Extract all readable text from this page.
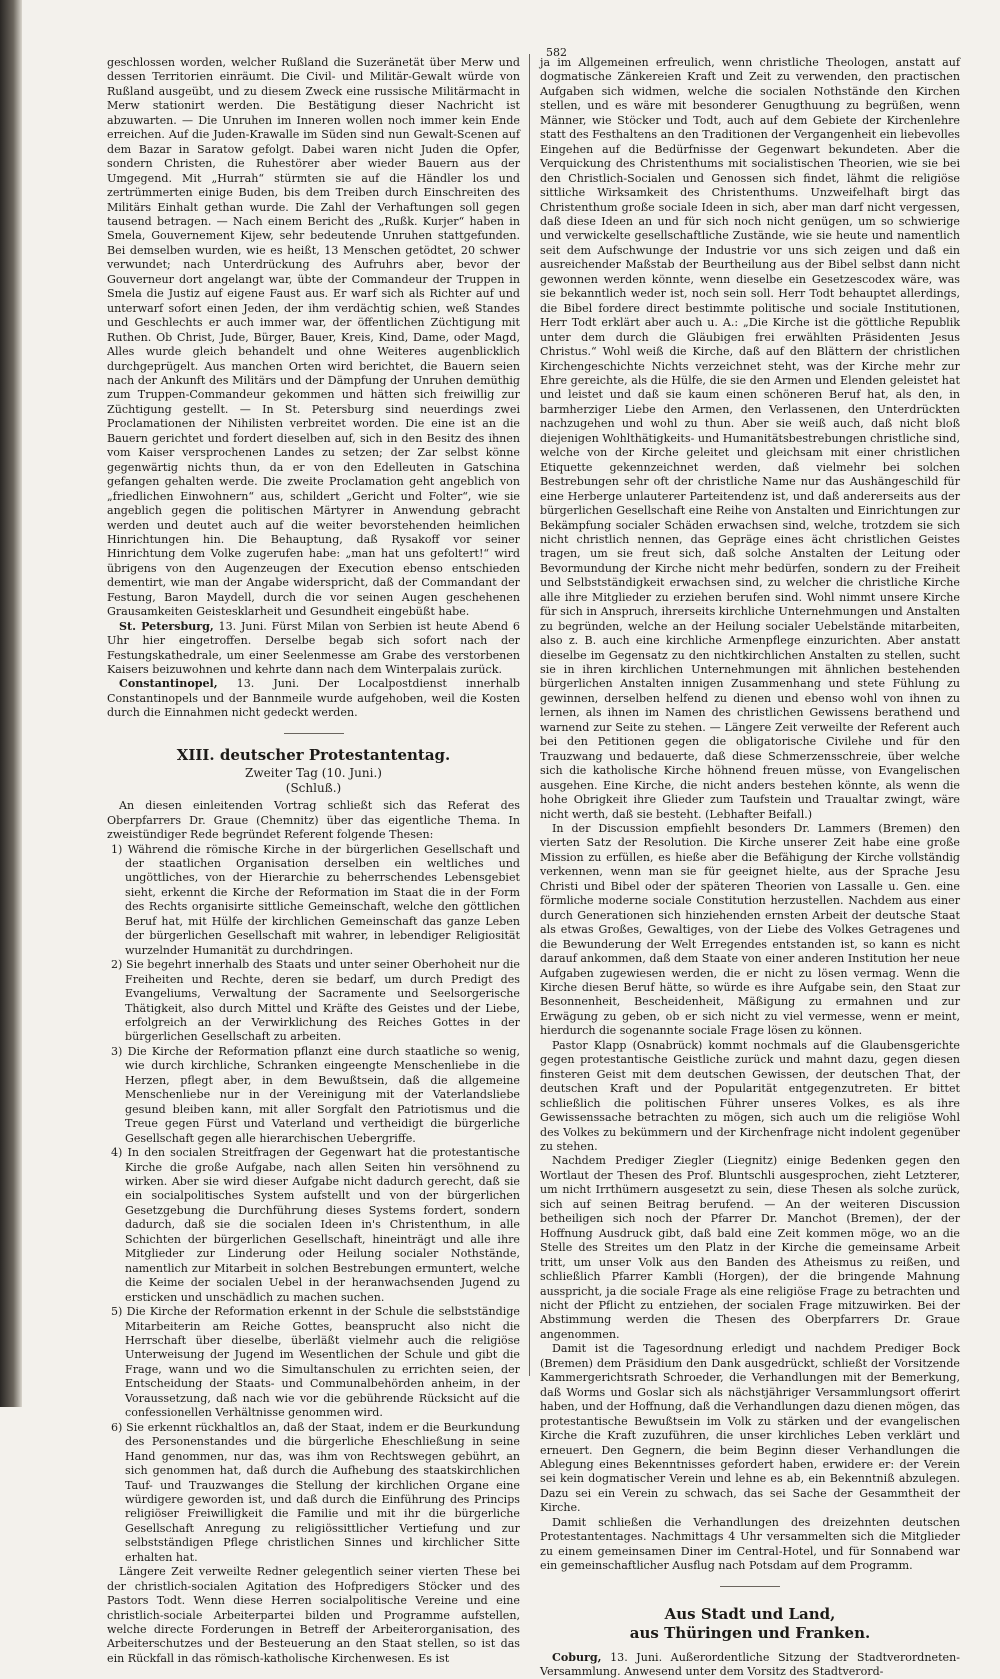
582

geschlossen worden, welcher Rußland die Suzeränetät über Merw und dessen Territorien einräumt. Die Civil- und Militär-Gewalt würde von Rußland ausgeübt, und zu diesem Zweck eine russische Militärmacht in Merw stationirt werden. Die Bestätigung dieser Nachricht ist abzuwarten. — Die Unruhen im Inneren wollen noch immer kein Ende erreichen. Auf die Juden-Krawalle im Süden sind nun Gewalt-Scenen auf dem Bazar in Saratow gefolgt. Dabei waren nicht Juden die Opfer, sondern Christen, die Ruhestörer aber wieder Bauern aus der Umgegend. Mit „Hurrah“ stürmten sie auf die Händler los und zertrümmerten einige Buden, bis dem Treiben durch Einschreiten des Militärs Einhalt gethan wurde. Die Zahl der Verhaftungen soll gegen tausend betragen. — Nach einem Bericht des „Rußk. Kurjer“ haben in Smela, Gouvernement Kijew, sehr bedeutende Unruhen stattgefunden. Bei demselben wurden, wie es heißt, 13 Menschen getödtet, 20 schwer verwundet; nach Unterdrückung des Aufruhrs aber, bevor der Gouverneur dort angelangt war, übte der Commandeur der Truppen in Smela die Justiz auf eigene Faust aus. Er warf sich als Richter auf und unterwarf sofort einen Jeden, der ihm verdächtig schien, weß Standes und Geschlechts er auch immer war, der öffentlichen Züchtigung mit Ruthen. Ob Christ, Jude, Bürger, Bauer, Kreis, Kind, Dame, oder Magd, Alles wurde gleich behandelt und ohne Weiteres augenblicklich durchgeprügelt. Aus manchen Orten wird berichtet, die Bauern seien nach der Ankunft des Militärs und der Dämpfung der Unruhen demüthig zum Truppen-Commandeur gekommen und hätten sich freiwillig zur Züchtigung gestellt. — In St. Petersburg sind neuerdings zwei Proclamationen der Nihilisten verbreitet worden. Die eine ist an die Bauern gerichtet und fordert dieselben auf, sich in den Besitz des ihnen vom Kaiser versprochenen Landes zu setzen; der Zar selbst könne gegenwärtig nichts thun, da er von den Edelleuten in Gatschina gefangen gehalten werde. Die zweite Proclamation geht angeblich von „friedlichen Einwohnern“ aus, schildert „Gericht und Folter“, wie sie angeblich gegen die politischen Märtyrer in Anwendung gebracht werden und deutet auch auf die weiter bevorstehenden heimlichen Hinrichtungen hin. Die Behauptung, daß Rysakoff vor seiner Hinrichtung dem Volke zugerufen habe: „man hat uns gefoltert!“ wird übrigens von den Augenzeugen der Execution ebenso entschieden dementirt, wie man der Angabe widerspricht, daß der Commandant der Festung, Baron Maydell, durch die vor seinen Augen geschehenen Grausamkeiten Geistesklarheit und Gesundheit eingebüßt habe.

St. Petersburg, 13. Juni. Fürst Milan von Serbien ist heute Abend 6 Uhr hier eingetroffen. Derselbe begab sich sofort nach der Festungskathedrale, um einer Seelenmesse am Grabe des verstorbenen Kaisers beizuwohnen und kehrte dann nach dem Winterpalais zurück.

Constantinopel, 13. Juni. Der Localpostdienst innerhalb Constantinopels und der Bannmeile wurde aufgehoben, weil die Kosten durch die Einnahmen nicht gedeckt werden.

XIII. deutscher Protestantentag.

Zweiter Tag (10. Juni.)

(Schluß.)

An diesen einleitenden Vortrag schließt sich das Referat des Oberpfarrers Dr. Graue (Chemnitz) über das eigentliche Thema. In zweistündiger Rede begründet Referent folgende Thesen:

1) Während die römische Kirche in der bürgerlichen Gesellschaft und der staatlichen Organisation derselben ein weltliches und ungöttliches, von der Hierarchie zu beherrschendes Lebensgebiet sieht, erkennt die Kirche der Reformation im Staat die in der Form des Rechts organisirte sittliche Gemeinschaft, welche den göttlichen Beruf hat, mit Hülfe der kirchlichen Gemeinschaft das ganze Leben der bürgerlichen Gesellschaft mit wahrer, in lebendiger Religiosität wurzelnder Humanität zu durchdringen.

2) Sie begehrt innerhalb des Staats und unter seiner Oberhoheit nur die Freiheiten und Rechte, deren sie bedarf, um durch Predigt des Evangeliums, Verwaltung der Sacramente und Seelsorgerische Thätigkeit, also durch Mittel und Kräfte des Geistes und der Liebe, erfolgreich an der Verwirklichung des Reiches Gottes in der bürgerlichen Gesellschaft zu arbeiten.

3) Die Kirche der Reformation pflanzt eine durch staatliche so wenig, wie durch kirchliche, Schranken eingeengte Menschenliebe in die Herzen, pflegt aber, in dem Bewußtsein, daß die allgemeine Menschenliebe nur in der Vereinigung mit der Vaterlandsliebe gesund bleiben kann, mit aller Sorgfalt den Patriotismus und die Treue gegen Fürst und Vaterland und vertheidigt die bürgerliche Gesellschaft gegen alle hierarchischen Uebergriffe.

4) In den socialen Streitfragen der Gegenwart hat die protestantische Kirche die große Aufgabe, nach allen Seiten hin versöhnend zu wirken. Aber sie wird dieser Aufgabe nicht dadurch gerecht, daß sie ein socialpolitisches System aufstellt und von der bürgerlichen Gesetzgebung die Durchführung dieses Systems fordert, sondern dadurch, daß sie die socialen Ideen in's Christenthum, in alle Schichten der bürgerlichen Gesellschaft, hineinträgt und alle ihre Mitglieder zur Linderung oder Heilung socialer Nothstände, namentlich zur Mitarbeit in solchen Bestrebungen ermuntert, welche die Keime der socialen Uebel in der heranwachsenden Jugend zu ersticken und unschädlich zu machen suchen.

5) Die Kirche der Reformation erkennt in der Schule die selbstständige Mitarbeiterin am Reiche Gottes, beansprucht also nicht die Herrschaft über dieselbe, überläßt vielmehr auch die religiöse Unterweisung der Jugend im Wesentlichen der Schule und gibt die Frage, wann und wo die Simultanschulen zu errichten seien, der Entscheidung der Staats- und Communalbehörden anheim, in der Voraussetzung, daß nach wie vor die gebührende Rücksicht auf die confessionellen Verhältnisse genommen wird.

6) Sie erkennt rückhaltlos an, daß der Staat, indem er die Beurkundung des Personenstandes und die bürgerliche Eheschließung in seine Hand genommen, nur das, was ihm von Rechtswegen gebührt, an sich genommen hat, daß durch die Aufhebung des staatskirchlichen Tauf- und Trauzwanges die Stellung der kirchlichen Organe eine würdigere geworden ist, und daß durch die Einführung des Princips religiöser Freiwilligkeit die Familie und mit ihr die bürgerliche Gesellschaft Anregung zu religiössittlicher Vertiefung und zur selbstständigen Pflege christlichen Sinnes und kirchlicher Sitte erhalten hat.

Längere Zeit verweilte Redner gelegentlich seiner vierten These bei der christlich-socialen Agitation des Hofpredigers Stöcker und des Pastors Todt. Wenn diese Herren socialpolitische Vereine und eine christlich-sociale Arbeiterpartei bilden und Programme aufstellen, welche directe Forderungen in Betreff der Arbeiterorganisation, des Arbeiterschutzes und der Besteuerung an den Staat stellen, so ist das ein Rückfall in das römisch-katholische Kirchenwesen. Es ist

ja im Allgemeinen erfreulich, wenn christliche Theologen, anstatt auf dogmatische Zänkereien Kraft und Zeit zu verwenden, den practischen Aufgaben sich widmen, welche die socialen Nothstände den Kirchen stellen, und es wäre mit besonderer Genugthuung zu begrüßen, wenn Männer, wie Stöcker und Todt, auch auf dem Gebiete der Kirchenlehre statt des Festhaltens an den Traditionen der Vergangenheit ein liebevolles Eingehen auf die Bedürfnisse der Gegenwart bekundeten. Aber die Verquickung des Christenthums mit socialistischen Theorien, wie sie bei den Christlich-Socialen und Genossen sich findet, lähmt die religiöse sittliche Wirksamkeit des Christenthums. Unzweifelhaft birgt das Christenthum große sociale Ideen in sich, aber man darf nicht vergessen, daß diese Ideen an und für sich noch nicht genügen, um so schwierige und verwickelte gesellschaftliche Zustände, wie sie heute und namentlich seit dem Aufschwunge der Industrie vor uns sich zeigen und daß ein ausreichender Maßstab der Beurtheilung aus der Bibel selbst dann nicht gewonnen werden könnte, wenn dieselbe ein Gesetzescodex wäre, was sie bekanntlich weder ist, noch sein soll. Herr Todt behauptet allerdings, die Bibel fordere direct bestimmte politische und sociale Institutionen, Herr Todt erklärt aber auch u. A.: „Die Kirche ist die göttliche Republik unter dem durch die Gläubigen frei erwählten Präsidenten Jesus Christus.“ Wohl weiß die Kirche, daß auf den Blättern der christlichen Kirchengeschichte Nichts verzeichnet steht, was der Kirche mehr zur Ehre gereichte, als die Hülfe, die sie den Armen und Elenden geleistet hat und leistet und daß sie kaum einen schöneren Beruf hat, als den, in barmherziger Liebe den Armen, den Verlassenen, den Unterdrückten nachzugehen und wohl zu thun. Aber sie weiß auch, daß nicht bloß diejenigen Wohlthätigkeits- und Humanitätsbestrebungen christliche sind, welche von der Kirche geleitet und gleichsam mit einer christlichen Etiquette gekennzeichnet werden, daß vielmehr bei solchen Bestrebungen sehr oft der christliche Name nur das Aushängeschild für eine Herberge unlauterer Parteitendenz ist, und daß andererseits aus der bürgerlichen Gesellschaft eine Reihe von Anstalten und Einrichtungen zur Bekämpfung socialer Schäden erwachsen sind, welche, trotzdem sie sich nicht christlich nennen, das Gepräge eines ächt christlichen Geistes tragen, um sie freut sich, daß solche Anstalten der Leitung oder Bevormundung der Kirche nicht mehr bedürfen, sondern zu der Freiheit und Selbstständigkeit erwachsen sind, zu welcher die christliche Kirche alle ihre Mitglieder zu erziehen berufen sind. Wohl nimmt unsere Kirche für sich in Anspruch, ihrerseits kirchliche Unternehmungen und Anstalten zu begründen, welche an der Heilung socialer Uebelstände mitarbeiten, also z. B. auch eine kirchliche Armenpflege einzurichten. Aber anstatt dieselbe im Gegensatz zu den nichtkirchlichen Anstalten zu stellen, sucht sie in ihren kirchlichen Unternehmungen mit ähnlichen bestehenden bürgerlichen Anstalten innigen Zusammenhang und stete Fühlung zu gewinnen, derselben helfend zu dienen und ebenso wohl von ihnen zu lernen, als ihnen im Namen des christlichen Gewissens berathend und warnend zur Seite zu stehen. — Längere Zeit verweilte der Referent auch bei den Petitionen gegen die obligatorische Civilehe und für den Trauzwang und bedauerte, daß diese Schmerzensschreie, über welche sich die katholische Kirche höhnend freuen müsse, von Evangelischen ausgehen. Eine Kirche, die nicht anders bestehen könnte, als wenn die hohe Obrigkeit ihre Glieder zum Taufstein und Traualtar zwingt, wäre nicht werth, daß sie besteht. (Lebhafter Beifall.)

In der Discussion empfiehlt besonders Dr. Lammers (Bremen) den vierten Satz der Resolution. Die Kirche unserer Zeit habe eine große Mission zu erfüllen, es hieße aber die Befähigung der Kirche vollständig verkennen, wenn man sie für geeignet hielte, aus der Sprache Jesu Christi und Bibel oder der späteren Theorien von Lassalle u. Gen. eine förmliche moderne sociale Constitution herzustellen. Nachdem aus einer durch Generationen sich hinziehenden ernsten Arbeit der deutsche Staat als etwas Großes, Gewaltiges, von der Liebe des Volkes Getragenes und die Bewunderung der Welt Erregendes entstanden ist, so kann es nicht darauf ankommen, daß dem Staate von einer anderen Institution her neue Aufgaben zugewiesen werden, die er nicht zu lösen vermag. Wenn die Kirche diesen Beruf hätte, so würde es ihre Aufgabe sein, den Staat zur Besonnenheit, Bescheidenheit, Mäßigung zu ermahnen und zur Erwägung zu geben, ob er sich nicht zu viel vermesse, wenn er meint, hierdurch die sogenannte sociale Frage lösen zu können.

Pastor Klapp (Osnabrück) kommt nochmals auf die Glaubensgerichte gegen protestantische Geistliche zurück und mahnt dazu, gegen diesen finsteren Geist mit dem deutschen Gewissen, der deutschen That, der deutschen Kraft und der Popularität entgegenzutreten. Er bittet schließlich die politischen Führer unseres Volkes, es als ihre Gewissenssache betrachten zu mögen, sich auch um die religiöse Wohl des Volkes zu bekümmern und der Kirchenfrage nicht indolent gegenüber zu stehen.

Nachdem Prediger Ziegler (Liegnitz) einige Bedenken gegen den Wortlaut der Thesen des Prof. Bluntschli ausgesprochen, zieht Letzterer, um nicht Irrthümern ausgesetzt zu sein, diese Thesen als solche zurück, sich auf seinen Beitrag berufend. — An der weiteren Discussion betheiligen sich noch der Pfarrer Dr. Manchot (Bremen), der der Hoffnung Ausdruck gibt, daß bald eine Zeit kommen möge, wo an die Stelle des Streites um den Platz in der Kirche die gemeinsame Arbeit tritt, um unser Volk aus den Banden des Atheismus zu reißen, und schließlich Pfarrer Kambli (Horgen), der die bringende Mahnung ausspricht, ja die sociale Frage als eine religiöse Frage zu betrachten und nicht der Pflicht zu entziehen, der socialen Frage mitzuwirken. Bei der Abstimmung werden die Thesen des Oberpfarrers Dr. Graue angenommen.

Damit ist die Tagesordnung erledigt und nachdem Prediger Bock (Bremen) dem Präsidium den Dank ausgedrückt, schließt der Vorsitzende Kammergerichtsrath Schroeder, die Verhandlungen mit der Bemerkung, daß Worms und Goslar sich als nächstjähriger Versammlungsort offerirt haben, und der Hoffnung, daß die Verhandlungen dazu dienen mögen, das protestantische Bewußtsein im Volk zu stärken und der evangelischen Kirche die Kraft zuzuführen, die unser kirchliches Leben verklärt und erneuert. Den Gegnern, die beim Beginn dieser Verhandlungen die Ablegung eines Bekenntnisses gefordert haben, erwidere er: der Verein sei kein dogmatischer Verein und lehne es ab, ein Bekenntniß abzulegen. Dazu sei ein Verein zu schwach, das sei Sache der Gesammtheit der Kirche.

Damit schließen die Verhandlungen des dreizehnten deutschen Protestantentages. Nachmittags 4 Uhr versammelten sich die Mitglieder zu einem gemeinsamen Diner im Central-Hotel, und für Sonnabend war ein gemeinschaftlicher Ausflug nach Potsdam auf dem Programm.

Aus Stadt und Land,
aus Thüringen und Franken.

Coburg, 13. Juni. Außerordentliche Sitzung der Stadtverordneten-Versammlung. Anwesend unter dem Vorsitz des Stadtverord-
